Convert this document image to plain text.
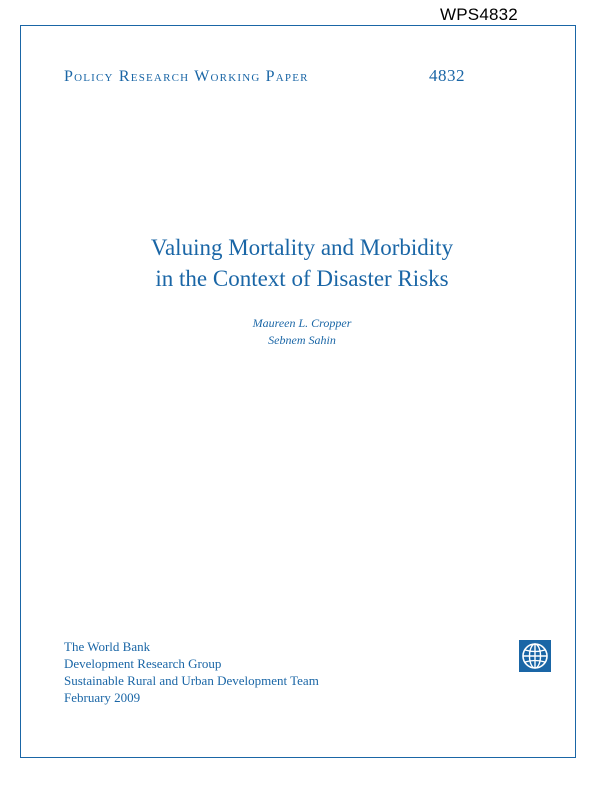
WPS4832
Policy Research Working Paper	4832
Valuing Mortality and Morbidity
in the Context of Disaster Risks
Maureen L. Cropper
Sebnem Sahin
The World Bank
Development Research Group
Sustainable Rural and Urban Development Team
February 2009
